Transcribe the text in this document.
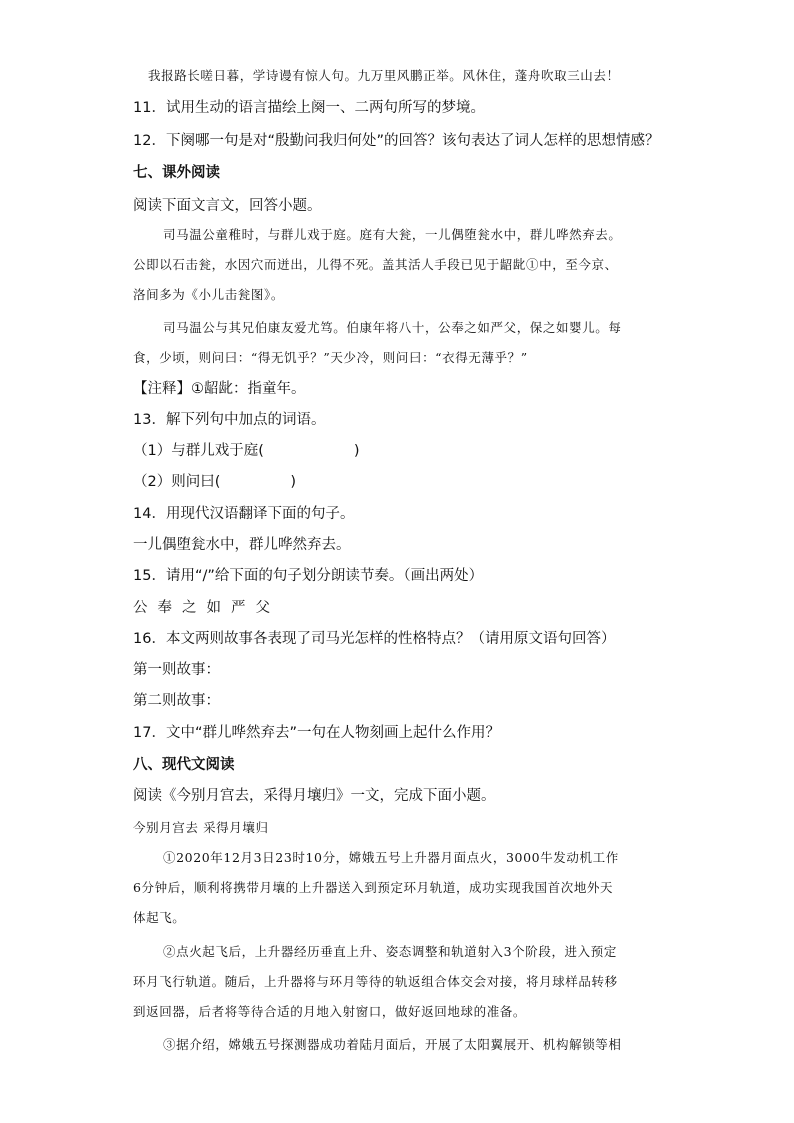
我报路长嗟日暮，学诗谩有惊人句。九万里风鹏正举。风休住，蓬舟吹取三山去！
11．试用生动的语言描绘上阕一、二两句所写的梦境。
12．下阕哪一句是对“殷勤问我归何处”的回答？该句表达了词人怎样的思想情感？
七、课外阅读
阅读下面文言文，回答小题。
司马温公童稚时，与群儿戏于庭。庭有大瓮，一儿偶堕瓮水中，群儿哗然弃去。
公即以石击瓮，水因穴而迸出，儿得不死。盖其活人手段已见于龆龀①中，至今京、
洛间多为《小儿击瓮图》。
司马温公与其兄伯康友爱尤笃。伯康年将八十，公奉之如严父，保之如婴儿。每
食，少顷，则问曰：“得无饥乎？”天少冷，则问曰：“衣得无薄乎？”
【注释】①龆龀：指童年。
13．解下列句中加点的词语。
（1）与群儿戏于庭(	)
（2）则问曰(	)
14．用现代汉语翻译下面的句子。
一儿偶堕瓮水中，群儿哗然弃去。
15．请用“/”给下面的句子划分朗读节奏。（画出两处）
公奉之如严父
16．本文两则故事各表现了司马光怎样的性格特点？（请用原文语句回答）
第一则故事：
第二则故事：
17．文中“群儿哗然弃去”一句在人物刻画上起什么作用？
八、现代文阅读
阅读《今别月宫去，采得月壤归》一文，完成下面小题。
今别月宫去 采得月壤归
①2020年12月3日23时10分，嫦娥五号上升器月面点火，3000牛发动机工作
6分钟后，顺利将携带月壤的上升器送入到预定环月轨道，成功实现我国首次地外天
体起飞。
②点火起飞后，上升器经历垂直上升、姿态调整和轨道射入3个阶段，进入预定
环月飞行轨道。随后，上升器将与环月等待的轨返组合体交会对接，将月球样品转移
到返回器，后者将等待合适的月地入射窗口，做好返回地球的准备。
③据介绍，嫦娥五号探测器成功着陆月面后，开展了太阳翼展开、机构解锁等相
